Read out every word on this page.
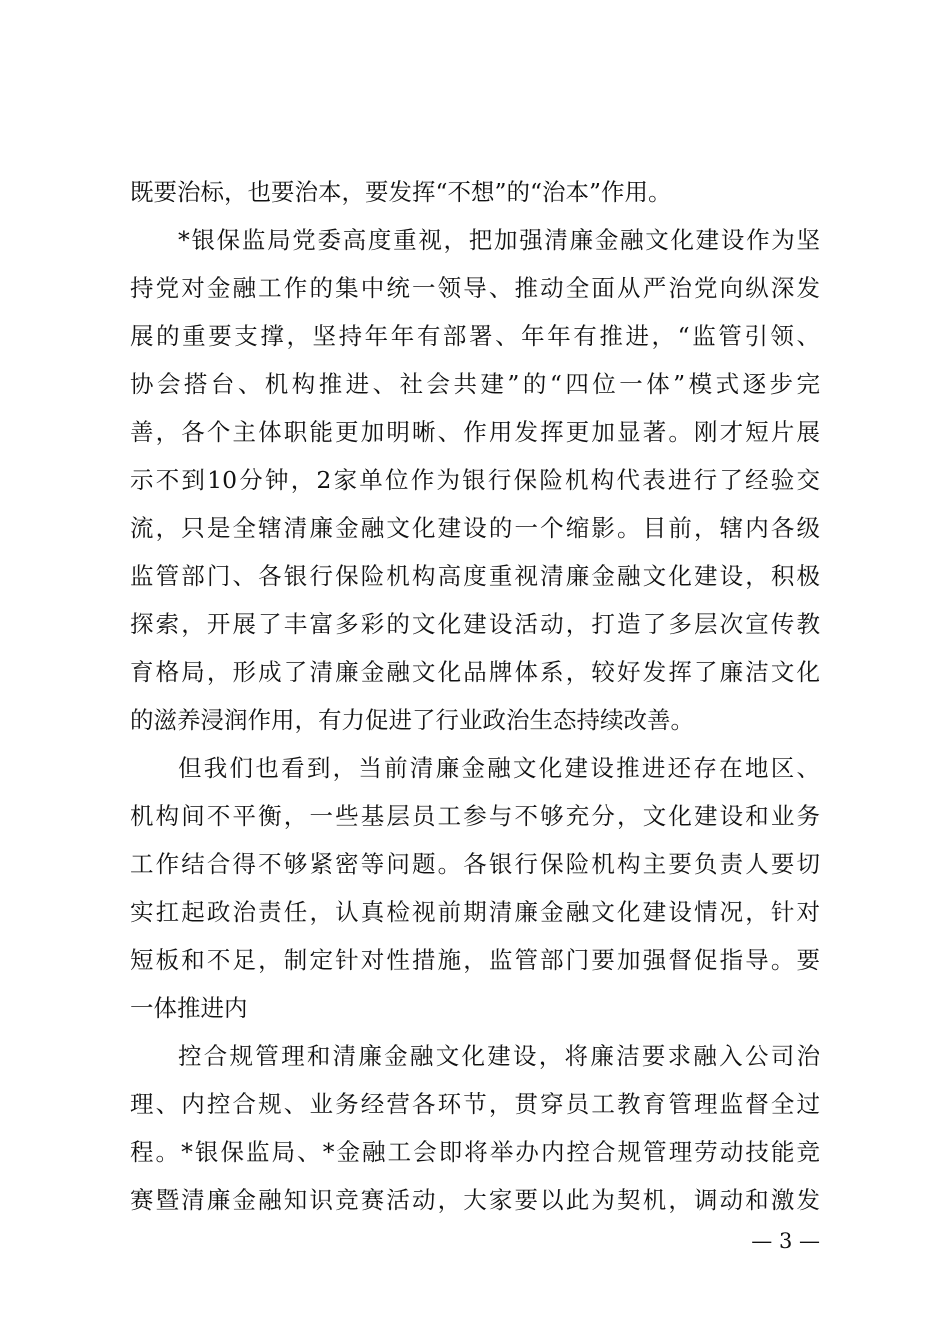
既要治标，也要治本，要发挥“不想”的“治本”作用。
*银保监局党委高度重视，把加强清廉金融文化建设作为坚
持党对金融工作的集中统一领导、推动全面从严治党向纵深发
展的重要支撑，坚持年年有部署、年年有推进，“监管引领、
协会搭台、机构推进、社会共建”的“四位一体”模式逐步完
善，各个主体职能更加明晰、作用发挥更加显著。刚才短片展
示不到10分钟，2家单位作为银行保险机构代表进行了经验交
流，只是全辖清廉金融文化建设的一个缩影。目前，辖内各级
监管部门、各银行保险机构高度重视清廉金融文化建设，积极
探索，开展了丰富多彩的文化建设活动，打造了多层次宣传教
育格局，形成了清廉金融文化品牌体系，较好发挥了廉洁文化
的滋养浸润作用，有力促进了行业政治生态持续改善。
但我们也看到，当前清廉金融文化建设推进还存在地区、
机构间不平衡，一些基层员工参与不够充分，文化建设和业务
工作结合得不够紧密等问题。各银行保险机构主要负责人要切
实扛起政治责任，认真检视前期清廉金融文化建设情况，针对
短板和不足，制定针对性措施，监管部门要加强督促指导。要
一体推进内
控合规管理和清廉金融文化建设，将廉洁要求融入公司治
理、内控合规、业务经营各环节，贯穿员工教育管理监督全过
程。*银保监局、*金融工会即将举办内控合规管理劳动技能竞
赛暨清廉金融知识竞赛活动，大家要以此为契机，调动和激发
— 3 —
